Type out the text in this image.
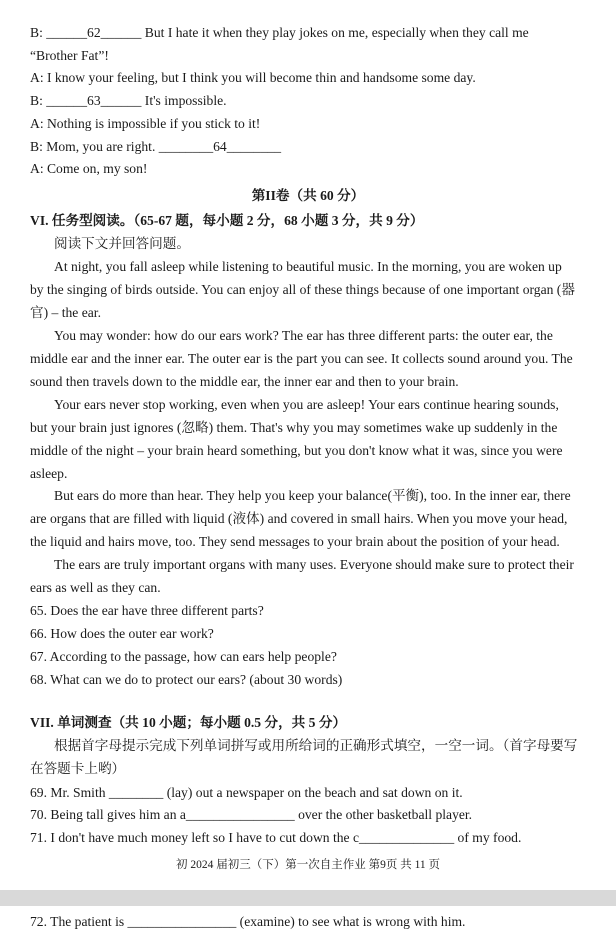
B: ______62______ But I hate it when they play jokes on me, especially when they call me
“Brother Fat”!
A: I know your feeling, but I think you will become thin and handsome some day.
B: ______63______ It's impossible.
A: Nothing is impossible if you stick to it!
B: Mom, you are right. ________64________
A: Come on, my son!
第II卷（共 60 分）
VI. 任务型阅读。（65-67 题，每小题 2 分，68 小题 3 分，共 9 分）
阅读下文并回答问题。
At night, you fall asleep while listening to beautiful music. In the morning, you are woken up
by the singing of birds outside. You can enjoy all of these things because of one important organ (器
官) – the ear.
You may wonder: how do our ears work? The ear has three different parts: the outer ear, the
middle ear and the inner ear. The outer ear is the part you can see. It collects sound around you. The
sound then travels down to the middle ear, the inner ear and then to your brain.
Your ears never stop working, even when you are asleep! Your ears continue hearing sounds,
but your brain just ignores (忽略) them. That's why you may sometimes wake up suddenly in the
middle of the night – your brain heard something, but you don't know what it was, since you were
asleep.
But ears do more than hear. They help you keep your balance(平衡), too. In the inner ear, there
are organs that are filled with liquid (液体) and covered in small hairs. When you move your head,
the liquid and hairs move, too. They send messages to your brain about the position of your head.
The ears are truly important organs with many uses. Everyone should make sure to protect their
ears as well as they can.
65. Does the ear have three different parts?
66. How does the outer ear work?
67. According to the passage, how can ears help people?
68. What can we do to protect our ears? (about 30 words)
VII. 单词测查（共 10 小题；每小题 0.5 分，共 5 分）
根据首字母提示完成下列单词拼写或用所给词的正确形式填空，一空一词。（首字母要写
在答题卡上哟）
69. Mr. Smith ________ (lay) out a newspaper on the beach and sat down on it.
70. Being tall gives him an a________________ over the other basketball player.
71. I don't have much money left so I have to cut down the c______________ of my food.
初 2024 届初三（下）第一次自主作业 第9页 共 11 页
72. The patient is ________________ (examine) to see what is wrong with him.
